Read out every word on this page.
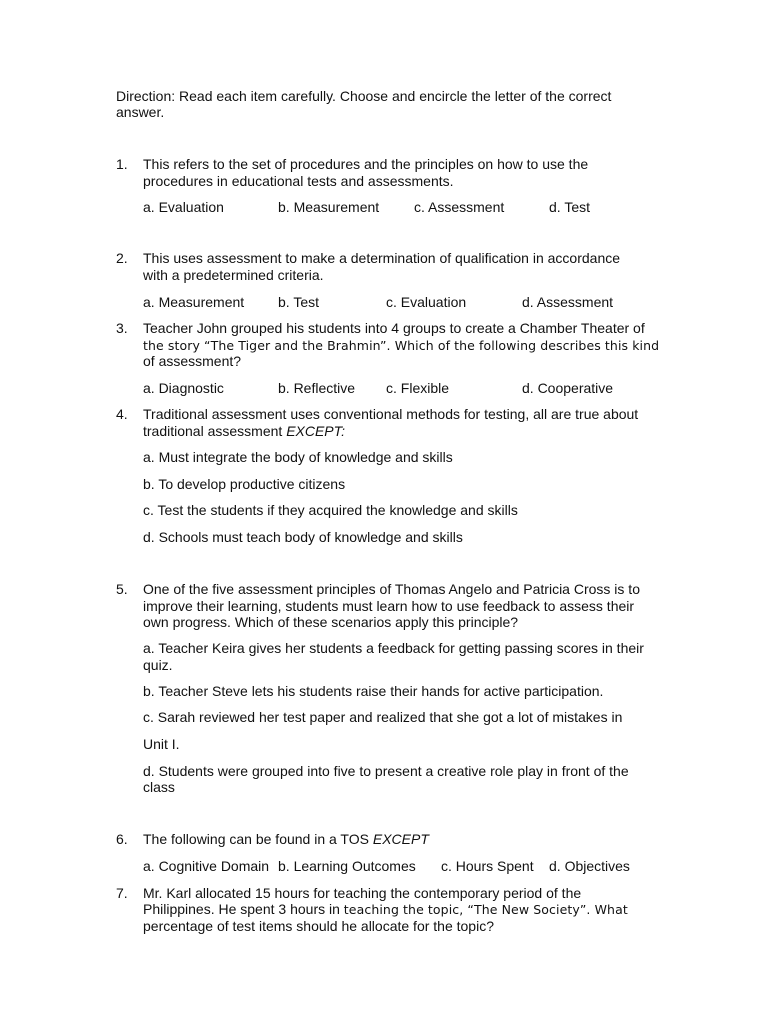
Direction: Read each item carefully. Choose and encircle the letter of the correct
answer.
1. This refers to the set of procedures and the principles on how to use the
procedures in educational tests and assessments.
a. Evaluation	b. Measurement c. Assessment	d. Test
2. This uses assessment to make a determination of qualification in accordance
with a predetermined criteria.
a. Measurement b. Test	c. Evaluation	d. Assessment
3. Teacher John grouped his students into 4 groups to create a Chamber Theater of
the story “The Tiger and the Brahmin”. Which of the following describes this kind
of assessment?
a. Diagnostic	b. Reflective c. Flexible	d. Cooperative
4. Traditional assessment uses conventional methods for testing, all are true about
traditional assessment EXCEPT:
a. Must integrate the body of knowledge and skills
b. To develop productive citizens
c. Test the students if they acquired the knowledge and skills
d. Schools must teach body of knowledge and skills
5. One of the five assessment principles of Thomas Angelo and Patricia Cross is to
improve their learning, students must learn how to use feedback to assess their
own progress. Which of these scenarios apply this principle?
a. Teacher Keira gives her students a feedback for getting passing scores in their
quiz.
b. Teacher Steve lets his students raise their hands for active participation.
c. Sarah reviewed her test paper and realized that she got a lot of mistakes in
Unit I.
d. Students were grouped into five to present a creative role play in front of the
class
6. The following can be found in a TOS EXCEPT
a. Cognitive Domain b. Learning Outcomes c. Hours Spent d. Objectives
7. Mr. Karl allocated 15 hours for teaching the contemporary period of the
Philippines. He spent 3 hours in teaching the topic, “The New Society”. What
percentage of test items should he allocate for the topic?
